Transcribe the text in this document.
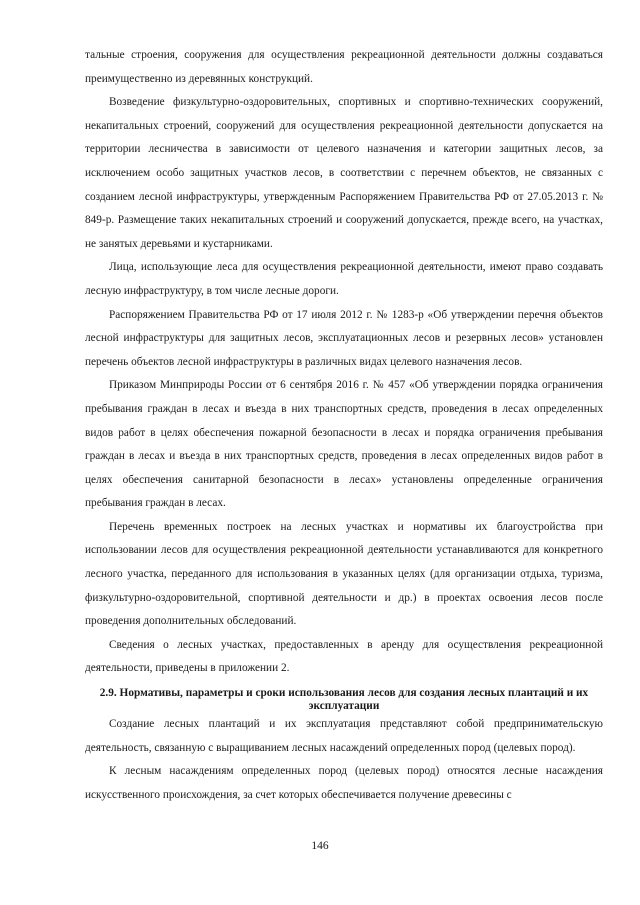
тальные строения, сооружения для осуществления рекреационной деятельности должны создаваться преимущественно из деревянных конструкций.

Возведение физкультурно-оздоровительных, спортивных и спортивно-технических сооружений, некапитальных строений, сооружений для осуществления рекреационной деятельности допускается на территории лесничества в зависимости от целевого назначения и категории защитных лесов, за исключением особо защитных участков лесов, в соответствии с перечнем объектов, не связанных с созданием лесной инфраструктуры, утвержденным Распоряжением Правительства РФ от 27.05.2013 г. № 849-р. Размещение таких некапитальных строений и сооружений допускается, прежде всего, на участках, не занятых деревьями и кустарниками.

Лица, использующие леса для осуществления рекреационной деятельности, имеют право создавать лесную инфраструктуру, в том числе лесные дороги.

Распоряжением Правительства РФ от 17 июля 2012 г. № 1283-р «Об утверждении перечня объектов лесной инфраструктуры для защитных лесов, эксплуатационных лесов и резервных лесов» установлен перечень объектов лесной инфраструктуры в различных видах целевого назначения лесов.

Приказом Минприроды России от 6 сентября 2016 г. № 457 «Об утверждении порядка ограничения пребывания граждан в лесах и въезда в них транспортных средств, проведения в лесах определенных видов работ в целях обеспечения пожарной безопасности в лесах и порядка ограничения пребывания граждан в лесах и въезда в них транспортных средств, проведения в лесах определенных видов работ в целях обеспечения санитарной безопасности в лесах» установлены определенные ограничения пребывания граждан в лесах.

Перечень временных построек на лесных участках и нормативы их благоустройства при использовании лесов для осуществления рекреационной деятельности устанавливаются для конкретного лесного участка, переданного для использования в указанных целях (для организации отдыха, туризма, физкультурно-оздоровительной, спортивной деятельности и др.) в проектах освоения лесов после проведения дополнительных обследований.

Сведения о лесных участках, предоставленных в аренду для осуществления рекреационной деятельности, приведены в приложении 2.

2.9. Нормативы, параметры и сроки использования лесов для создания лесных плантаций и их эксплуатации

Создание лесных плантаций и их эксплуатация представляют собой предпринимательскую деятельность, связанную с выращиванием лесных насаждений определенных пород (целевых пород).

К лесным насаждениям определенных пород (целевых пород) относятся лесные насаждения искусственного происхождения, за счет которых обеспечивается получение древесины с

146
